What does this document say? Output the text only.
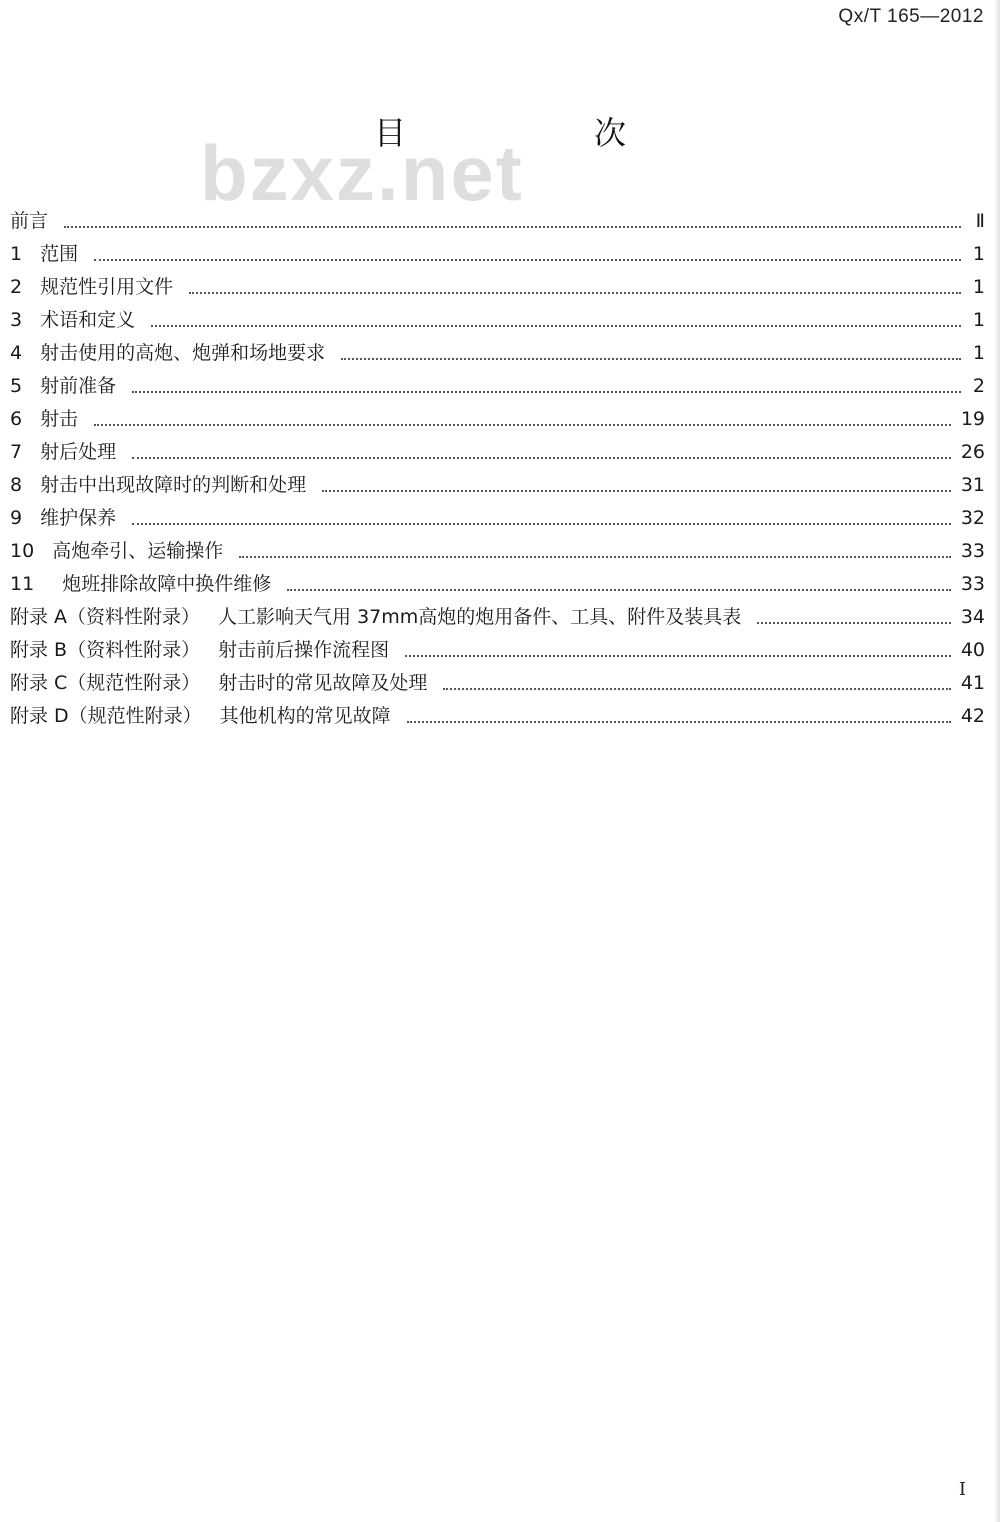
Qx/T 165—2012
bzxz.net
目　次
前言	Ⅱ
1 范围	1
2 规范性引用文件	1
3 术语和定义	1
4 射击使用的高炮、炮弹和场地要求	1
5 射前准备	2
6 射击	19
7 射后处理	26
8 射击中出现故障时的判断和处理	31
9 维护保养	32
10 高炮牵引、运输操作	33
11 炮班排除故障中换件维修	33
附录 A（资料性附录） 人工影响天气用 37mm高炮的炮用备件、工具、附件及装具表	34
附录 B（资料性附录） 射击前后操作流程图	40
附录 C（规范性附录） 射击时的常见故障及处理	41
附录 D（规范性附录） 其他机构的常见故障	42
I
